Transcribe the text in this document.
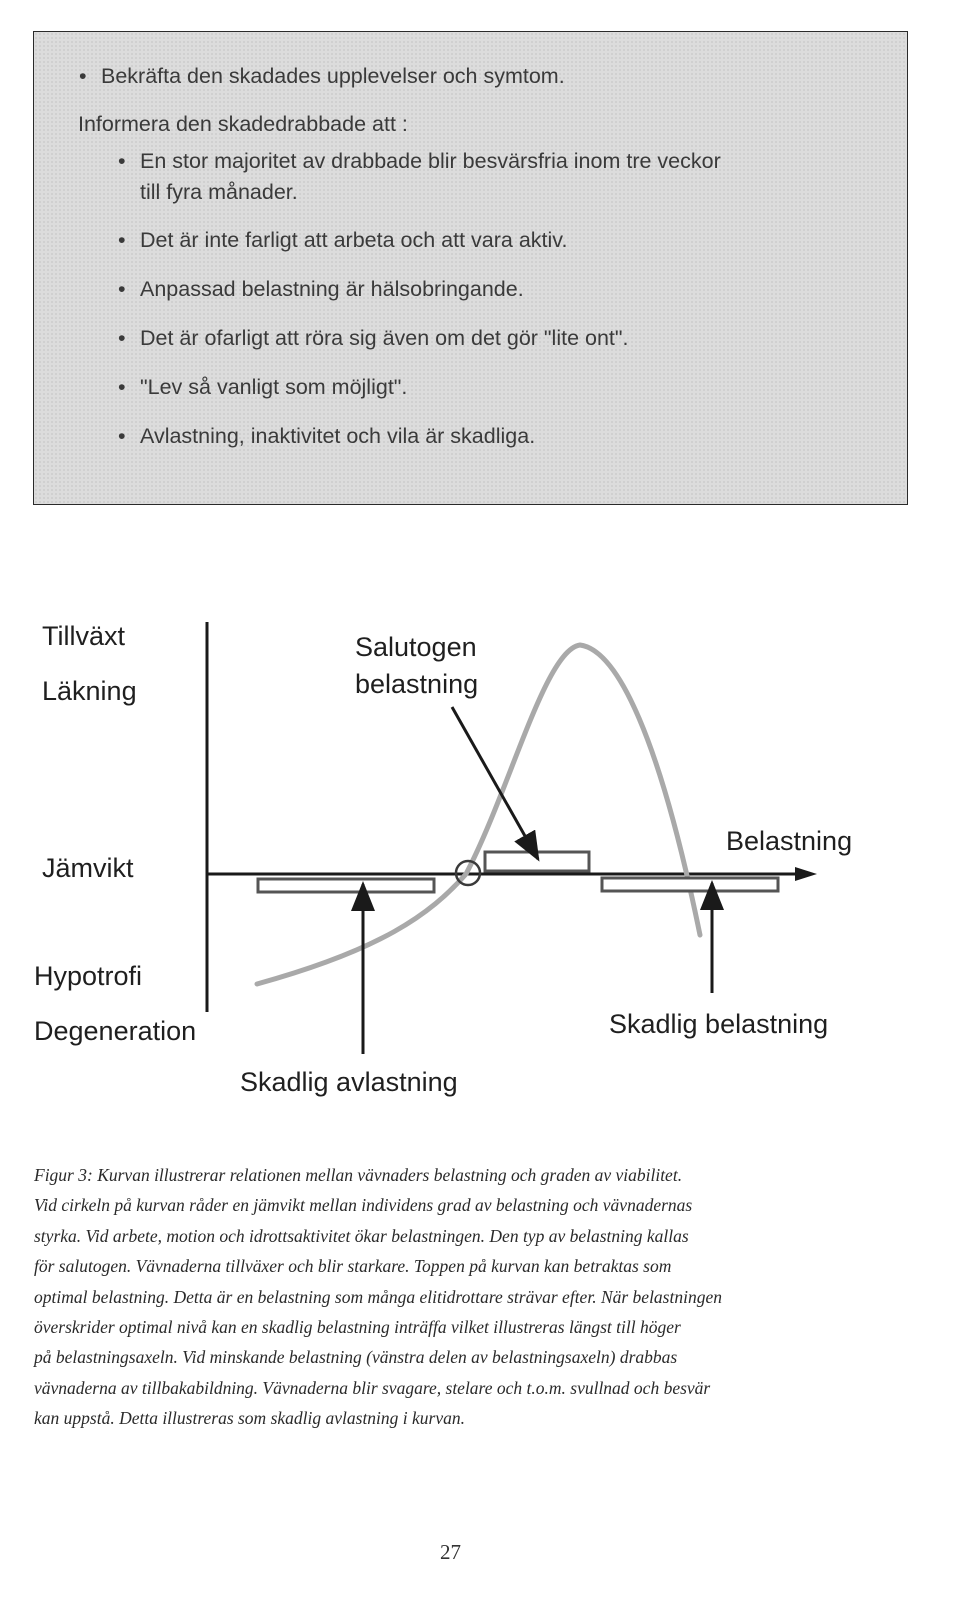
• Bekräfta den skadades upplevelser och symtom.
Informera den skadedrabbade att :
• En stor majoritet av drabbade blir besvärsfria inom tre veckor
till fyra månader.
• Det är inte farligt att arbeta och att vara aktiv.
• Anpassad belastning är hälsobringande.
• Det är ofarligt att röra sig även om det gör "lite ont".
• "Lev så vanligt som möjligt".
• Avlastning, inaktivitet och vila är skadliga.
Tillväxt
Läkning
Jämvikt
Hypotrofi
Degeneration
Salutogen
belastning
Belastning
Skadlig belastning
Skadlig avlastning
Figur 3: Kurvan illustrerar relationen mellan vävnaders belastning och graden av viabilitet.
Vid cirkeln på kurvan råder en jämvikt mellan individens grad av belastning och vävnadernas
styrka. Vid arbete, motion och idrottsaktivitet ökar belastningen. Den typ av belastning kallas
för salutogen. Vävnaderna tillväxer och blir starkare. Toppen på kurvan kan betraktas som
optimal belastning. Detta är en belastning som många elitidrottare strävar efter. När belastningen
överskrider optimal nivå kan en skadlig belastning inträffa vilket illustreras längst till höger
på belastningsaxeln. Vid minskande belastning (vänstra delen av belastningsaxeln) drabbas
vävnaderna av tillbakabildning. Vävnaderna blir svagare, stelare och t.o.m. svullnad och besvär
kan uppstå. Detta illustreras som skadlig avlastning i kurvan.
27
